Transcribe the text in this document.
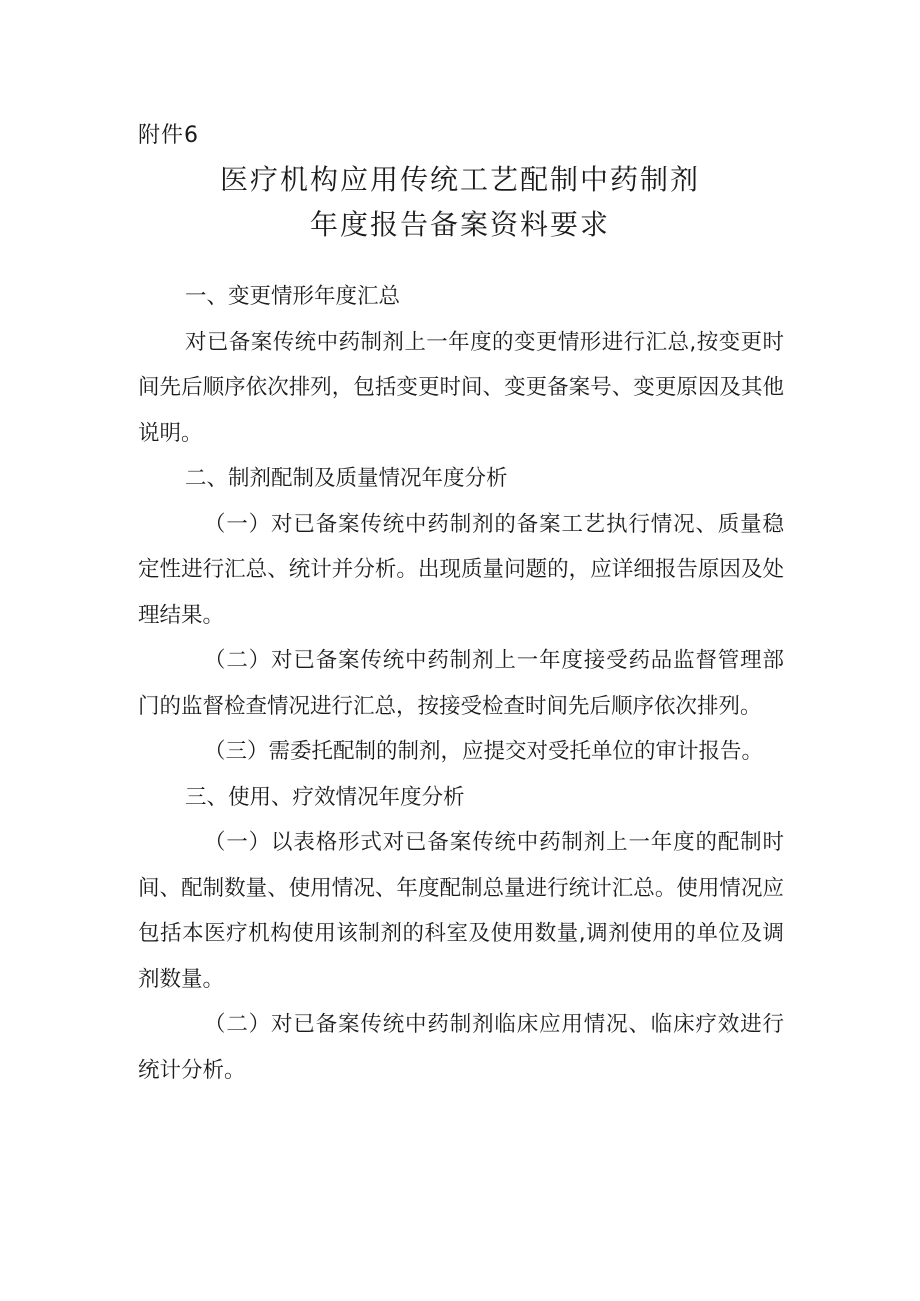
附件6
医疗机构应用传统工艺配制中药制剂
年度报告备案资料要求

一、变更情形年度汇总

对已备案传统中药制剂上一年度的变更情形进行汇总,按变更时间先后顺序依次排列，包括变更时间、变更备案号、变更原因及其他说明。

二、制剂配制及质量情况年度分析

（一）对已备案传统中药制剂的备案工艺执行情况、质量稳定性进行汇总、统计并分析。出现质量问题的，应详细报告原因及处理结果。

（二）对已备案传统中药制剂上一年度接受药品监督管理部门的监督检查情况进行汇总，按接受检查时间先后顺序依次排列。

（三）需委托配制的制剂，应提交对受托单位的审计报告。

三、使用、疗效情况年度分析

（一）以表格形式对已备案传统中药制剂上一年度的配制时间、配制数量、使用情况、年度配制总量进行统计汇总。使用情况应包括本医疗机构使用该制剂的科室及使用数量,调剂使用的单位及调剂数量。

（二）对已备案传统中药制剂临床应用情况、临床疗效进行统计分析。
